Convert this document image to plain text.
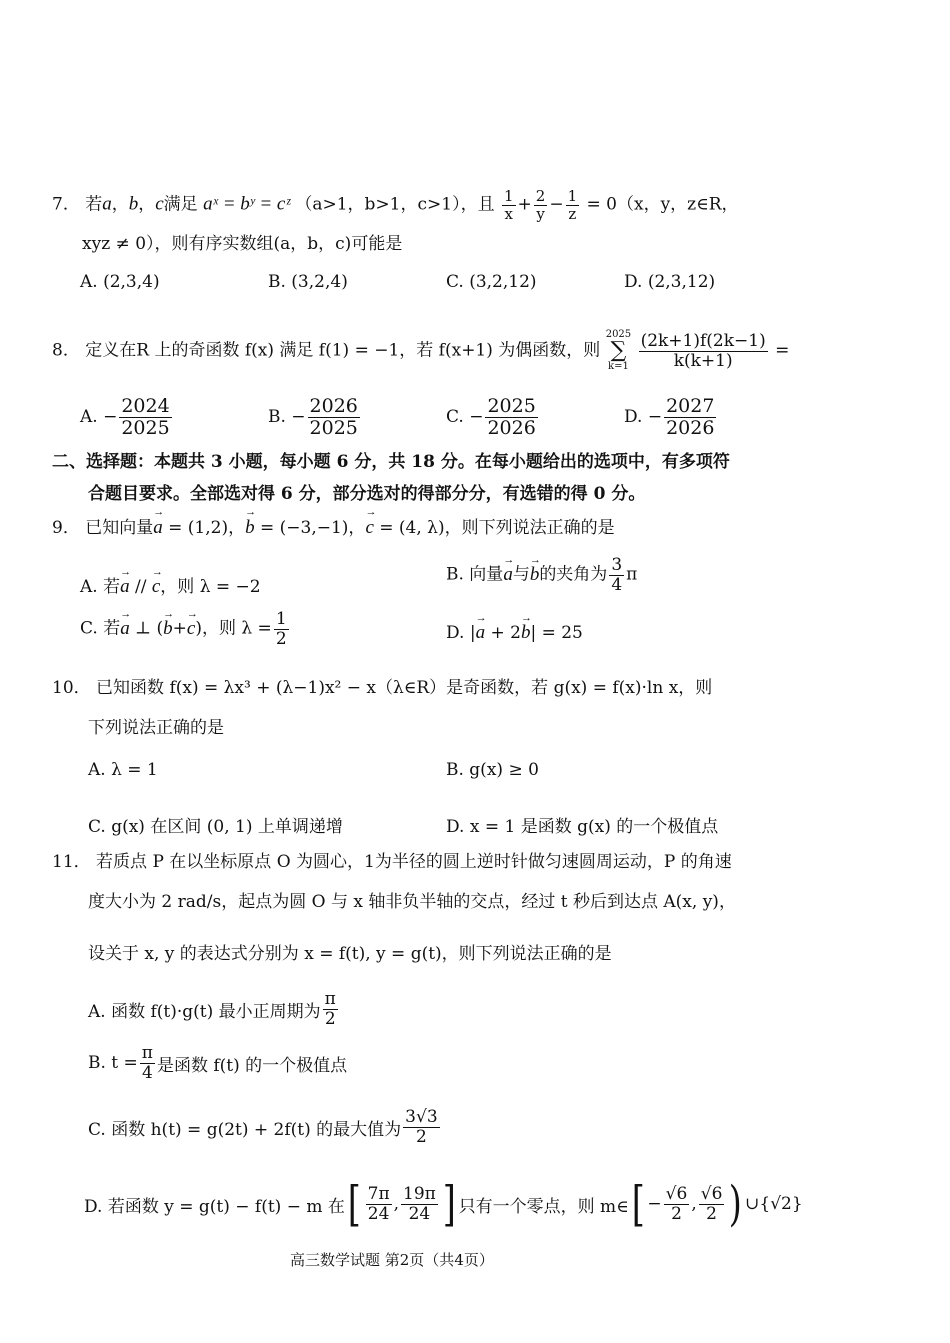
7． 若a，b，c满足 aˣ = bʸ = cᶻ （a>1，b>1，c>1），且 $\frac{1}{x} + \frac{2}{y} - \frac{1}{z} = 0(x$，y，z∈R，
xyz ≠ 0），则有序实数组(a，b，c)可能是
A. (2,3,4)	B. (3,2,4)	C. (3,2,12)	D. (2,3,12)
8． 定义在R 上的奇函数 f(x) 满足 f(1) = −1，若 f(x+1) 为偶函数，则
2025
∑
k=1
$\frac{(2k+1)f(2k-1)}{k(k+1)}$ =
A. − $\frac{2024}{2025}$	B. − $\frac{2026}{2025}$	C. − $\frac{2025}{2026}$	D. − $\frac{2027}{2026}$
二、选择题：本题共 3 小题，每小题 6 分，共 18 分。在每小题给出的选项中，有多项符
合题目要求。全部选对得 6 分，部分选对的得部分分，有选错的得 0 分。
9． 已知向量→ a = (1,2)，→ b = (−3,−1)，→ c = (4, λ)，则下列说法正确的是
A. 若→ a // → c，则 λ = −2
B. 向量→ a与→ b的夹角为 $\frac{3}{4}$ π
C. 若→ a ⊥ (→ b+→ c)，则 $\lambda = \frac{1}{2}$	D. |→ a + 2→ b| = 25
10． 已知函数 f(x) = λx³ + (λ−1)x² − x（λ∈R）是奇函数，若 g(x) = f(x)·ln x，则
下列说法正确的是
A. λ = 1	B. g(x) ≥ 0
C. g(x) 在区间 (0, 1) 上单调递增	D. x = 1 是函数 g(x) 的一个极值点
11． 若质点 P 在以坐标原点 O 为圆心，1为半径的圆上逆时针做匀速圆周运动，P 的角速
度大小为 2 rad/s，起点为圆 O 与 x 轴非负半轴的交点，经过 t 秒后到达点 A(x, y)，
设关于 x, y 的表达式分别为 x = f(t), y = g(t)，则下列说法正确的是
A. 函数 f(t)·g(t) 最小正周期为 $\frac{\pi}{2}$
B. $t = \frac{\pi}{4}$ 是函数 f(t) 的一个极值点
C. 函数 h(t) = g(2t) + 2f(t) 的最大值为 $\frac{3√3}{2}$
D. 若函数 y = g(t) − f(t) − m 在[ $\frac{7\pi}{24}$ , $\frac{19\pi}{24}$ ] 只有一个零点，则 m∈[ − $\frac{√6}{2}$ , $\frac{√6}{2}$ ) ∪{√2}
高三数学试题 第2页（共4页）
